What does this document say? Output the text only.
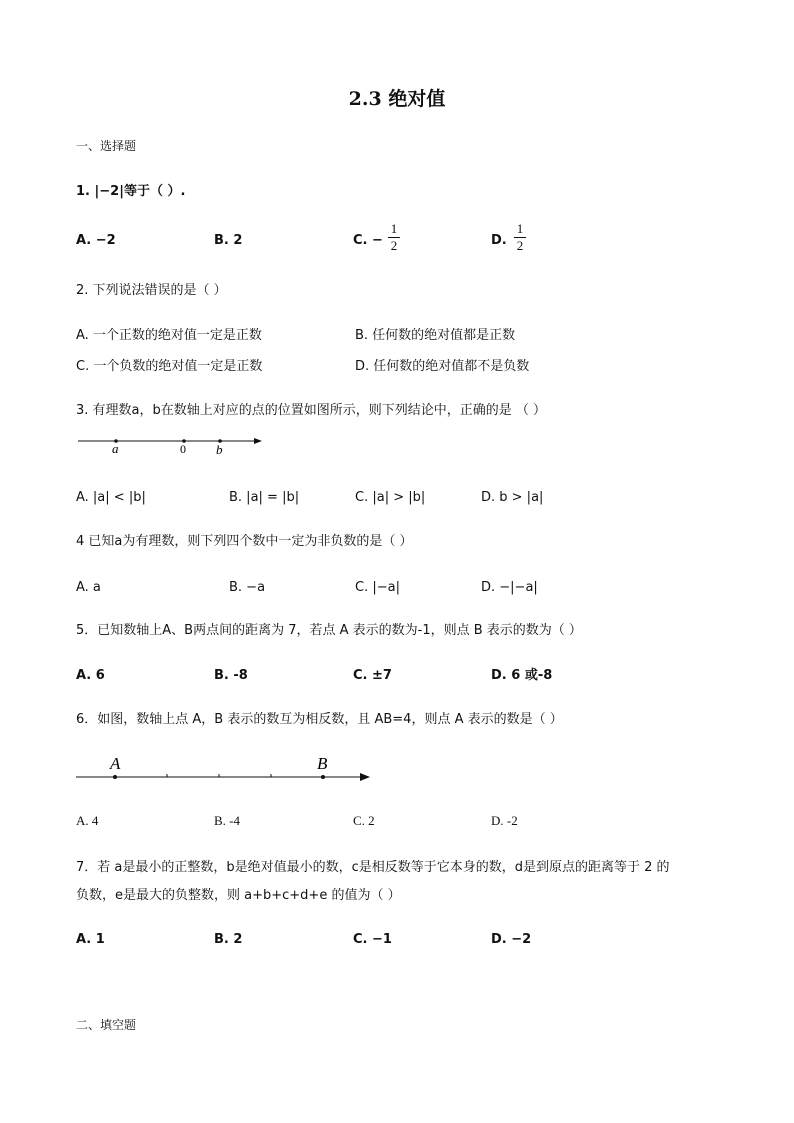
2.3 绝对值
一、选择题
1. |−2|等于（ ）.
A. −2	B. 2	C. −
1
2	D.
1
2
2. 下列说法错误的是（ ）
A. 一个正数的绝对值一定是正数	B. 任何数的绝对值都是正数
C. 一个负数的绝对值一定是正数	D. 任何数的绝对值都不是负数
3. 有理数a，b在数轴上对应的点的位置如图所示，则下列结论中，正确的是 （ ）
a	0 b
A. |a| < |b|	B. |a| = |b|	C. |a| > |b|	D. b > |a|
4 已知a为有理数，则下列四个数中一定为非负数的是（ ）
A. a	B. −a	C. |−a|	D. −|−a|
5．已知数轴上A、B两点间的距离为 7，若点 A 表示的数为-1，则点 B 表示的数为（ ）
A. 6	B. -8	C. ±7	D. 6 或-8
6．如图，数轴上点 A，B 表示的数互为相反数，且 AB=4，则点 A 表示的数是（ ）
A	B
A. 4	B. -4	C. 2	D. -2
7．若 a是最小的正整数，b是绝对值最小的数，c是相反数等于它本身的数，d是到原点的距离等于 2 的
负数，e是最大的负整数，则 a+b+c+d+e 的值为（ ）
A. 1	B. 2	C. −1	D. −2
二、填空题
